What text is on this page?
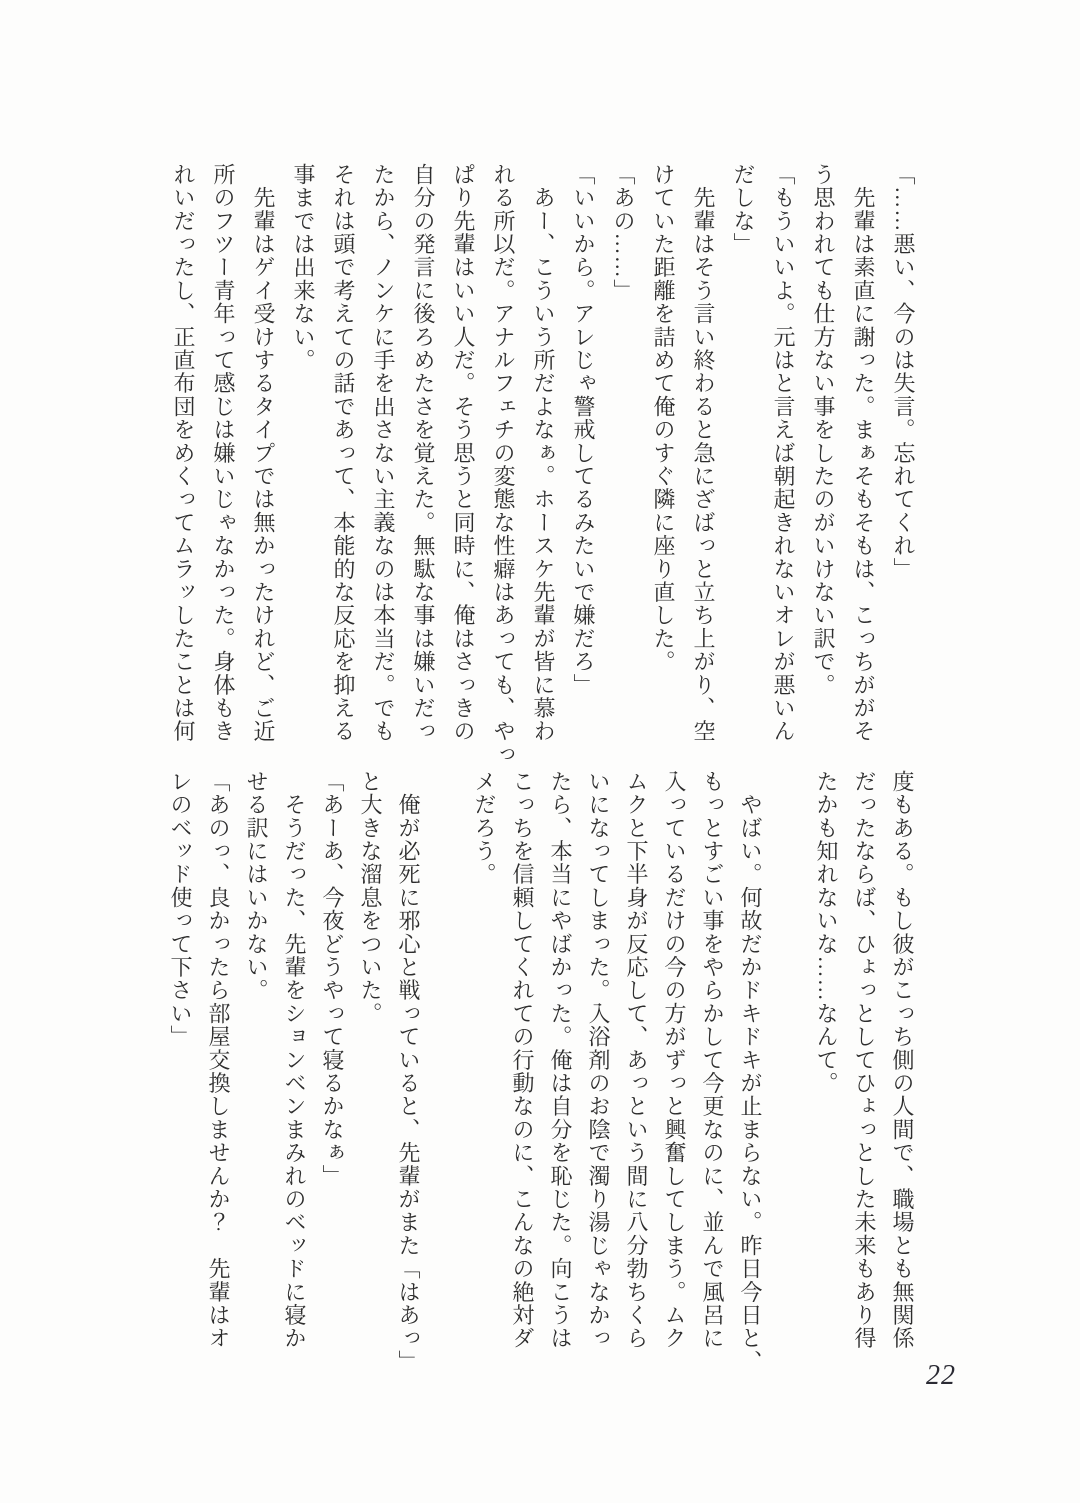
「……悪い、今のは失言。忘れてくれ」

　先輩は素直に謝った。まぁそもそもは、こっちががそ

う思われても仕方ない事をしたのがいけない訳で。

「もういいよ。元はと言えば朝起きれないオレが悪いん

だしな」

　先輩はそう言い終わると急にざばっと立ち上がり、空

けていた距離を詰めて俺のすぐ隣に座り直した。

「あの……」

「いいから。アレじゃ警戒してるみたいで嫌だろ」

　あー、こういう所だよなぁ。ホースケ先輩が皆に慕わ

れる所以だ。アナルフェチの変態な性癖はあっても、やっ

ぱり先輩はいい人だ。そう思うと同時に、俺はさっきの

自分の発言に後ろめたさを覚えた。無駄な事は嫌いだっ

たから、ノンケに手を出さない主義なのは本当だ。でも

それは頭で考えての話であって、本能的な反応を抑える

事までは出来ない。

　先輩はゲイ受けするタイプでは無かったけれど、ご近

所のフツー青年って感じは嫌いじゃなかった。身体もき

れいだったし、正直布団をめくってムラッしたことは何

度もある。もし彼がこっち側の人間で、職場とも無関係

だったならば、ひょっとしてひょっとした未来もあり得

たかも知れないな……なんて。

　やばい。何故だかドキドキが止まらない。昨日今日と、

もっとすごい事をやらかして今更なのに、並んで風呂に

入っているだけの今の方がずっと興奮してしまう。ムク

ムクと下半身が反応して、あっという間に八分勃ちくら

いになってしまった。入浴剤のお陰で濁り湯じゃなかっ

たら、本当にやばかった。俺は自分を恥じた。向こうは

こっちを信頼してくれての行動なのに、こんなの絶対ダ

メだろう。

　俺が必死に邪心と戦っていると、先輩がまた「はあっ」

と大きな溜息をついた。

「あーあ、今夜どうやって寝るかなぁ」

　そうだった、先輩をションベンまみれのベッドに寝か

せる訳にはいかない。

「あのっ、良かったら部屋交換しませんか？　先輩はオ

レのベッド使って下さい」

22
